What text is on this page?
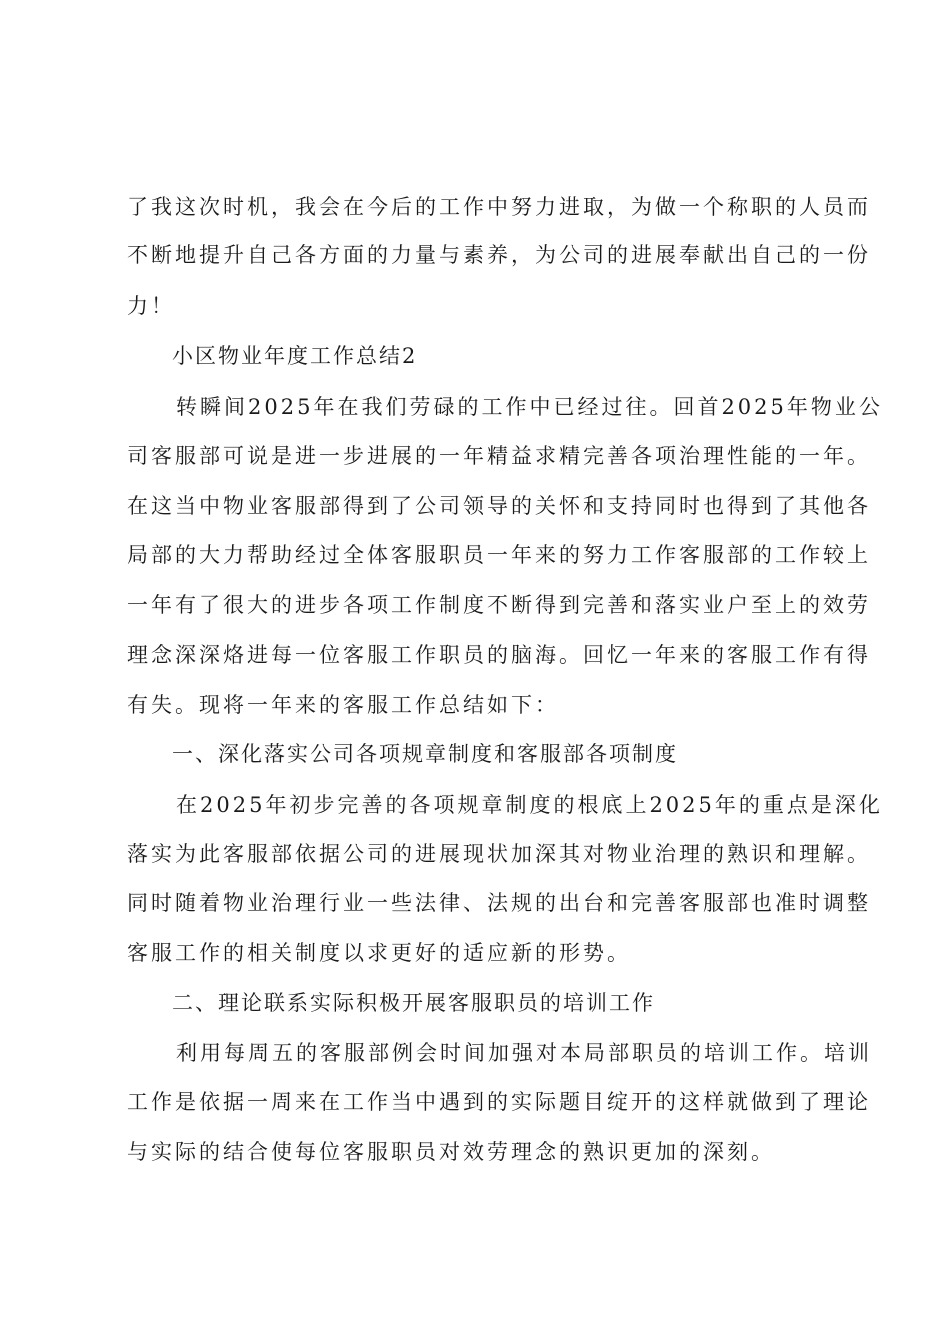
了我这次时机，我会在今后的工作中努力进取，为做一个称职的人员而
不断地提升自己各方面的力量与素养，为公司的进展奉献出自己的一份
力！
小区物业年度工作总结2
转瞬间2025年在我们劳碌的工作中已经过往。回首2025年物业公
司客服部可说是进一步进展的一年精益求精完善各项治理性能的一年。
在这当中物业客服部得到了公司领导的关怀和支持同时也得到了其他各
局部的大力帮助经过全体客服职员一年来的努力工作客服部的工作较上
一年有了很大的进步各项工作制度不断得到完善和落实业户至上的效劳
理念深深烙进每一位客服工作职员的脑海。回忆一年来的客服工作有得
有失。现将一年来的客服工作总结如下：
一、深化落实公司各项规章制度和客服部各项制度
在2025年初步完善的各项规章制度的根底上2025年的重点是深化
落实为此客服部依据公司的进展现状加深其对物业治理的熟识和理解。
同时随着物业治理行业一些法律、法规的出台和完善客服部也准时调整
客服工作的相关制度以求更好的适应新的形势。
二、理论联系实际积极开展客服职员的培训工作
利用每周五的客服部例会时间加强对本局部职员的培训工作。培训
工作是依据一周来在工作当中遇到的实际题目绽开的这样就做到了理论
与实际的结合使每位客服职员对效劳理念的熟识更加的深刻。
